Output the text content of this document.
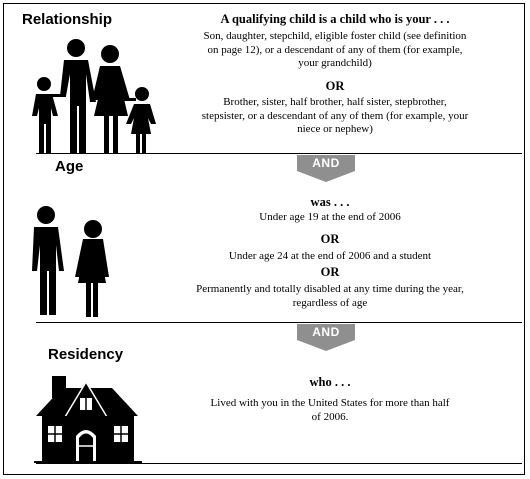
Relationship	A qualifying child is a child who is your . . .
Son, daughter, stepchild, eligible foster child (see definition
on page 12), or a descendant of any of them (for example,
your grandchild)
OR
Brother, sister, half brother, half sister, stepbrother,
stepsister, or a descendant of any of them (for example, your
niece or nephew)
AND
Age
was . . .
Under age 19 at the end of 2006
OR
Under age 24 at the end of 2006 and a student
OR
Permanently and totally disabled at any time during the year,
regardless of age
AND
Residency
who . . .
Lived with you in the United States for more than half
of 2006.
